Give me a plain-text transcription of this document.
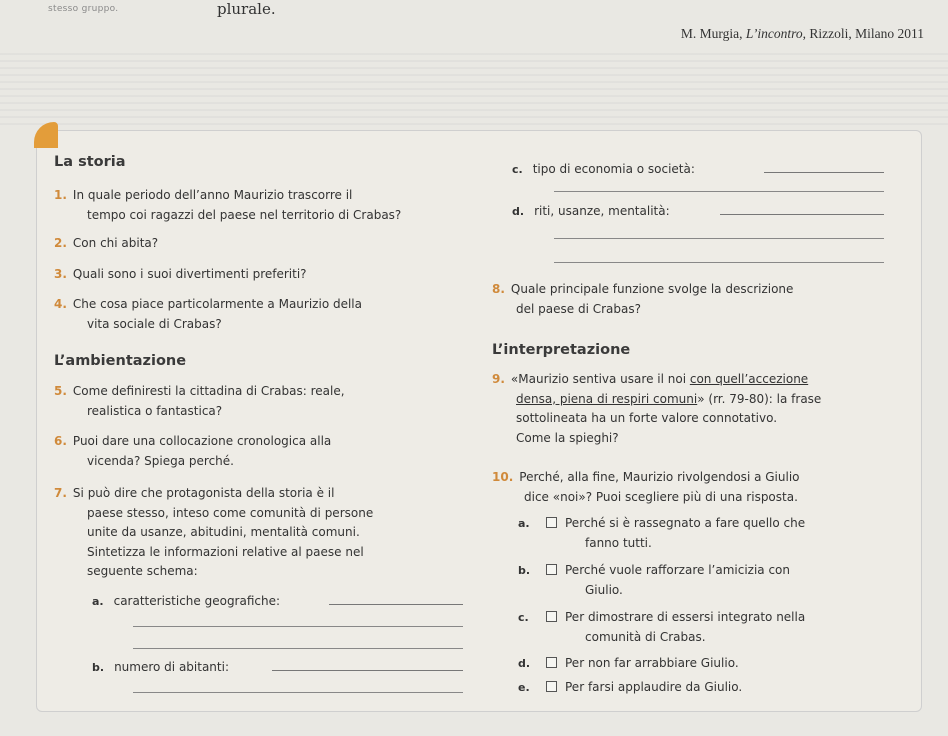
stesso gruppo.	plurale.
M. Murgia, L’incontro, Rizzoli, Milano 2011
La storia
1. In quale periodo dell’anno Maurizio trascorre il
tempo coi ragazzi del paese nel territorio di Crabas?
2. Con chi abita?
3. Quali sono i suoi divertimenti preferiti?
4. Che cosa piace particolarmente a Maurizio della
vita sociale di Crabas?
L’ambientazione
5. Come definiresti la cittadina di Crabas: reale,
realistica o fantastica?
6. Puoi dare una collocazione cronologica alla
vicenda? Spiega perché.
7. Si può dire che protagonista della storia è il
paese stesso, inteso come comunità di persone
unite da usanze, abitudini, mentalità comuni.
Sintetizza le informazioni relative al paese nel
seguente schema:
a. caratteristiche geografiche:
b. numero di abitanti:
c. tipo di economia o società:
d. riti, usanze, mentalità:
8. Quale principale funzione svolge la descrizione
del paese di Crabas?
L’interpretazione
9. «Maurizio sentiva usare il noi con quell’accezione
densa, piena di respiri comuni» (rr. 79-80): la frase
sottolineata ha un forte valore connotativo.
Come la spieghi?
10. Perché, alla fine, Maurizio rivolgendosi a Giulio
dice «noi»? Puoi scegliere più di una risposta.
a.	Perché si è rassegnato a fare quello che
fanno tutti.
b.	Perché vuole rafforzare l’amicizia con
Giulio.
c.	Per dimostrare di essersi integrato nella
comunità di Crabas.
d.	Per non far arrabbiare Giulio.
e.	Per farsi applaudire da Giulio.
